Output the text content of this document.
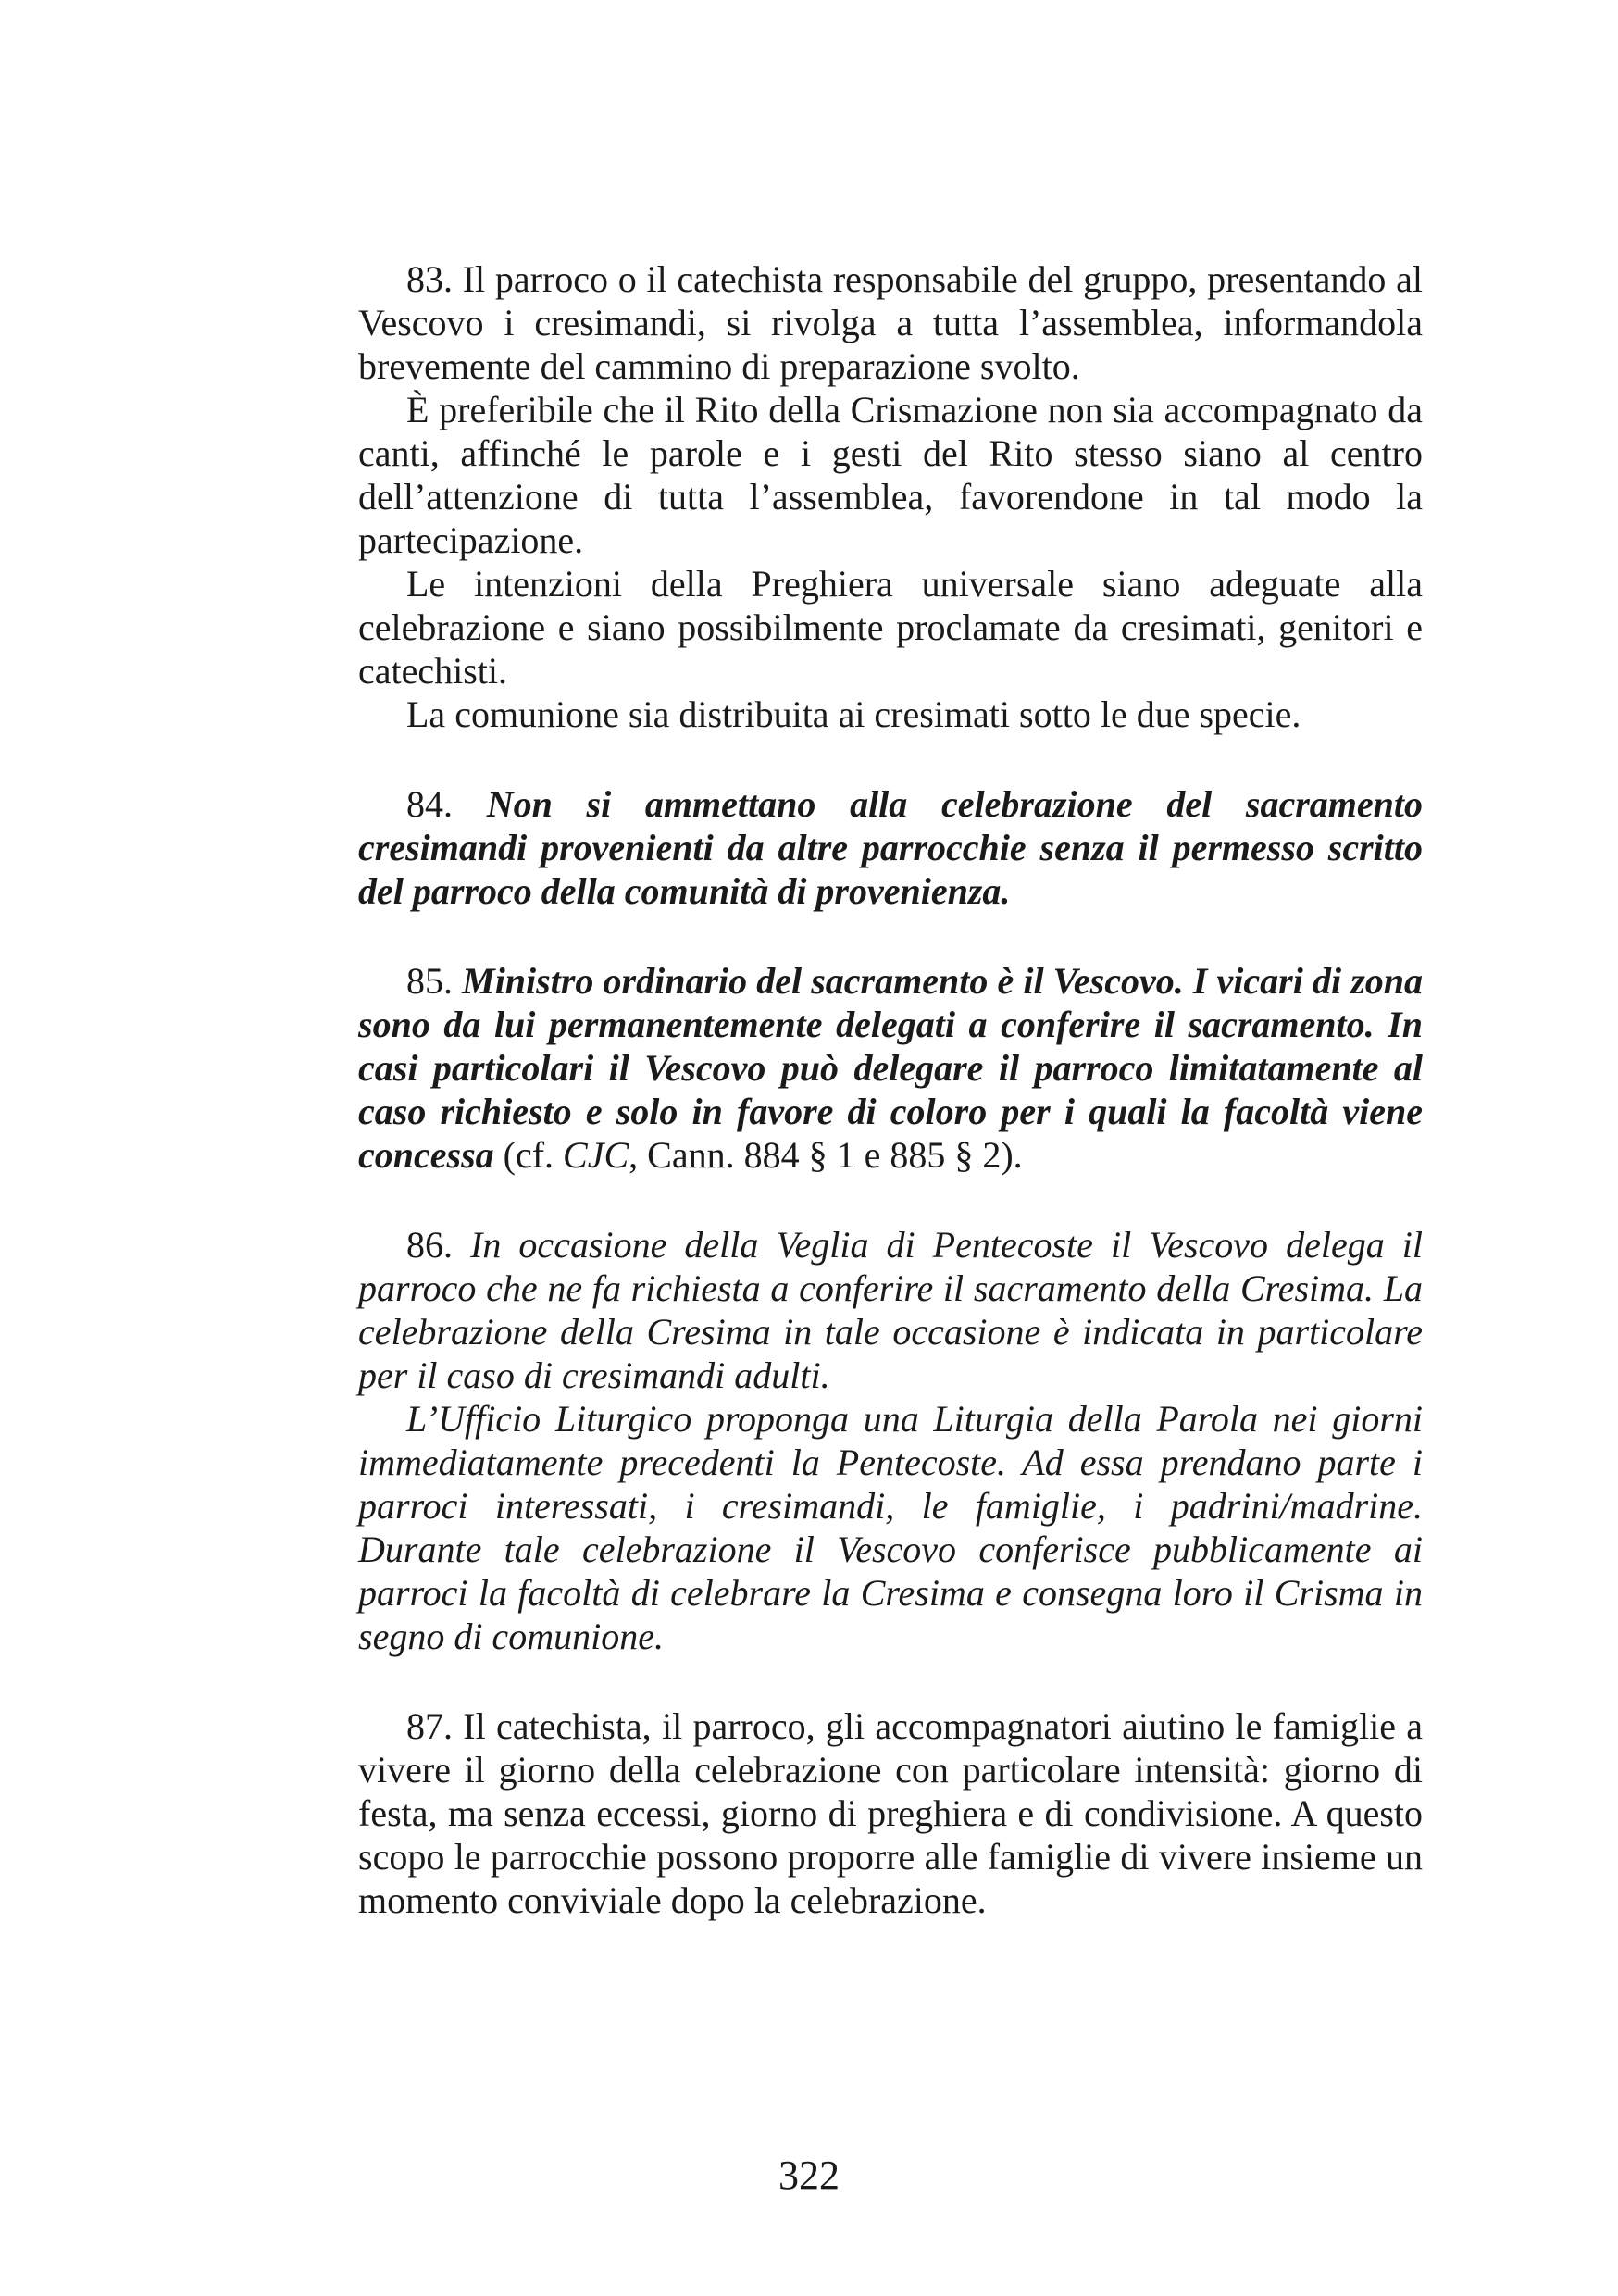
83. Il parroco o il catechista responsabile del gruppo, presentando al Vescovo i cresimandi, si rivolga a tutta l’assemblea, informandola brevemente del cammino di preparazione svolto.

È preferibile che il Rito della Crismazione non sia accompagnato da canti, affinché le parole e i gesti del Rito stesso siano al centro dell’attenzione di tutta l’assemblea, favorendone in tal modo la partecipazione.

Le intenzioni della Preghiera universale siano adeguate alla celebrazione e siano possibilmente proclamate da cresimati, genitori e catechisti.

La comunione sia distribuita ai cresimati sotto le due specie.

84. Non si ammettano alla celebrazione del sacramento cresimandi provenienti da altre parrocchie senza il permesso scritto del parroco della comunità di provenienza.

85. Ministro ordinario del sacramento è il Vescovo. I vicari di zona sono da lui permanentemente delegati a conferire il sacramento. In casi particolari il Vescovo può delegare il parroco limitatamente al caso richiesto e solo in favore di coloro per i quali la facoltà viene concessa (cf. CJC, Cann. 884 § 1 e 885 § 2).

86. In occasione della Veglia di Pentecoste il Vescovo delega il parroco che ne fa richiesta a conferire il sacramento della Cresima. La celebrazione della Cresima in tale occasione è indicata in particolare per il caso di cresimandi adulti.

L’Ufficio Liturgico proponga una Liturgia della Parola nei giorni immediatamente precedenti la Pentecoste. Ad essa prendano parte i parroci interessati, i cresimandi, le famiglie, i padrini/madrine. Durante tale celebrazione il Vescovo conferisce pubblicamente ai parroci la facoltà di celebrare la Cresima e consegna loro il Crisma in segno di comunione.

87. Il catechista, il parroco, gli accompagnatori aiutino le famiglie a vivere il giorno della celebrazione con particolare intensità: giorno di festa, ma senza eccessi, giorno di preghiera e di condivisione. A questo scopo le parrocchie possono proporre alle famiglie di vivere insieme un momento conviviale dopo la celebrazione.

322
